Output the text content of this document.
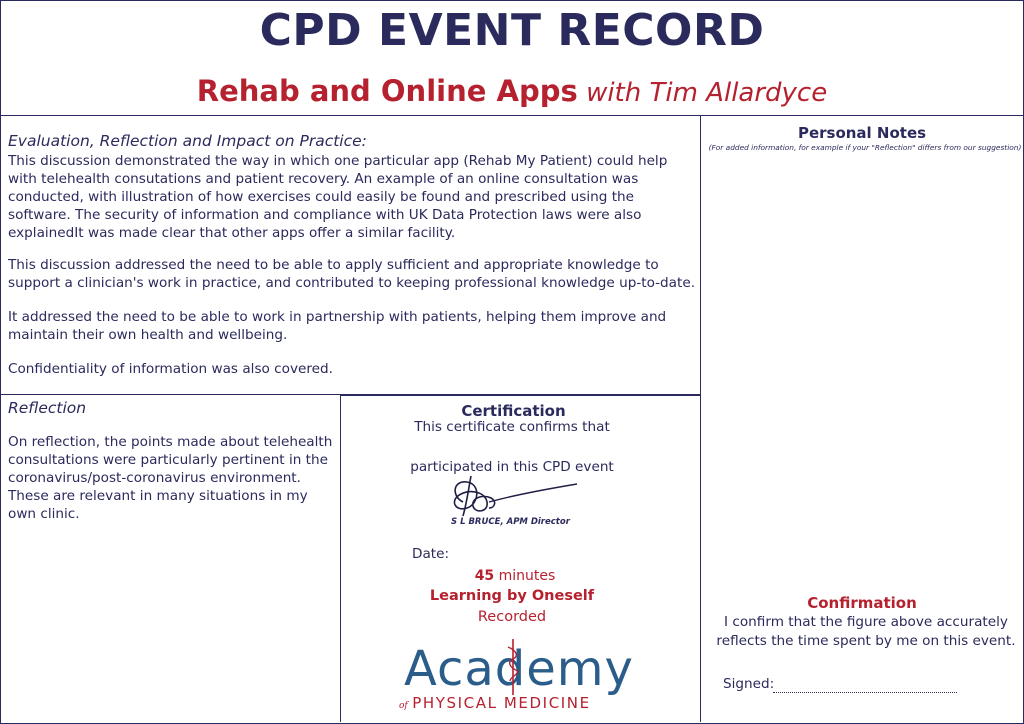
CPD EVENT RECORD
Rehab and Online Apps with Tim Allardyce
Evaluation, Reflection and Impact on Practice:

This discussion demonstrated the way in which one particular app (Rehab My Patient) could help with telehealth consutations and patient recovery. An example of an online consultation was conducted, with illustration of how exercises could easily be found and prescribed using the software. The security of information and compliance with UK Data Protection laws were also explainedIt was made clear that other apps offer a similar facility.

This discussion addressed the need to be able to apply sufficient and appropriate knowledge to support a clinician's work in practice, and contributed to keeping professional knowledge up-to-date.

It addressed the need to be able to work in partnership with patients, helping them improve and maintain their own health and wellbeing.

Confidentiality of information was also covered.

Reflection

On reflection, the points made about telehealth consultations were particularly pertinent in the coronavirus/post-coronavirus environment. These are relevant in many situations in my own clinic.

Certification
This certificate confirms that
participated in this CPD event
S L BRUCE, APM Director
Date:
45 minutes
Learning by Oneself
Recorded
Academy
of PHYSICAL MEDICINE
Personal Notes
(For added information, for example if your "Reflection" differs from our suggestion)
Confirmation
I confirm that the figure above accurately reflects the time spent by me on this event.
Signed:
